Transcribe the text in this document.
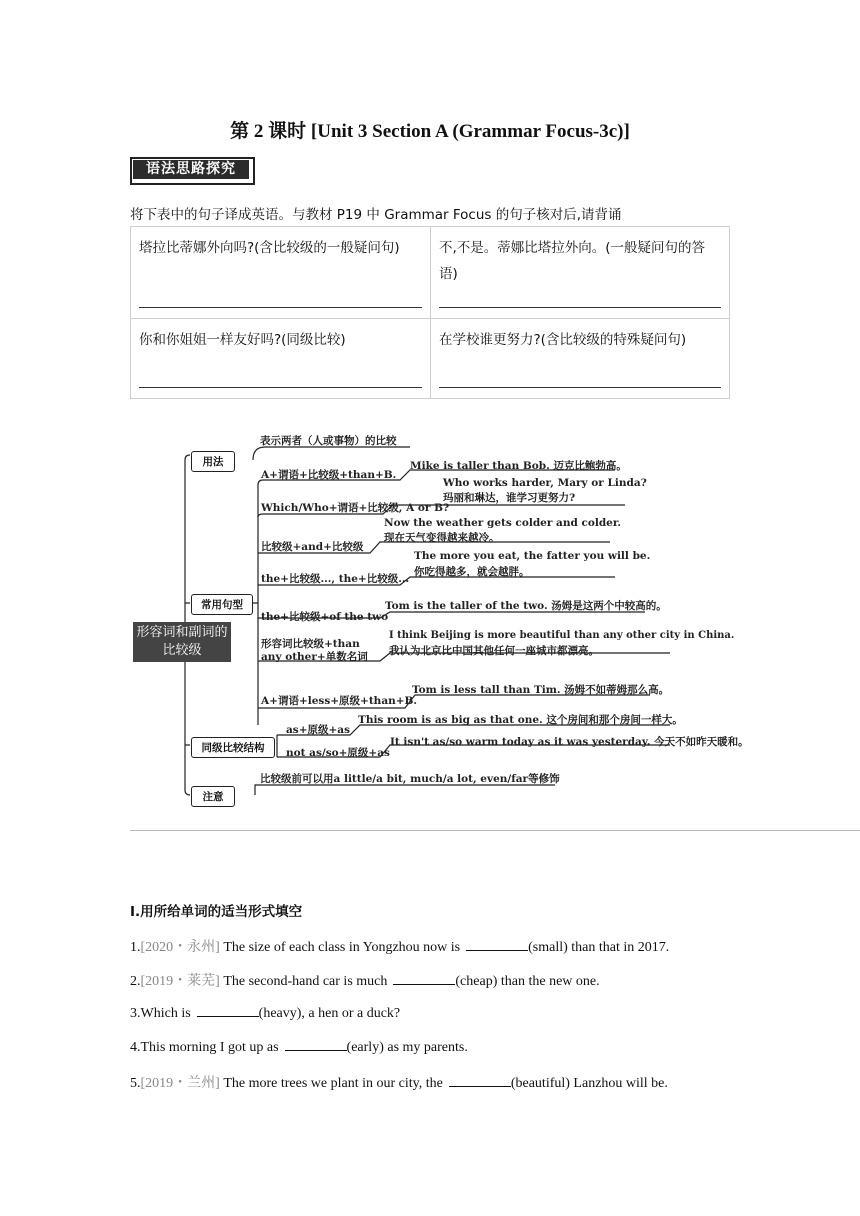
第 2 课时 [Unit 3 Section A (Grammar Focus-3c)]
语法思路探究
将下表中的句子译成英语。与教材 P19 中 Grammar Focus 的句子核对后,请背诵
塔拉比蒂娜外向吗?(含比较级的一般疑问句)	不,不是。蒂娜比塔拉外向。(一般疑问句的答语)

你和你姐姐一样友好吗?(同级比较)	在学校谁更努力?(含比较级的特殊疑问句)
形容词和副词的比较级
用法
常用句型
同级比较结构
注意
表示两者（人或事物）的比较
A+谓语+比较级+than+B.
Mike is taller than Bob. 迈克比鲍勃高。
Which/Who+谓语+比较级, A or B?
Who works harder, Mary or Linda?
玛丽和琳达，谁学习更努力?
比较级+and+比较级
Now the weather gets colder and colder.
现在天气变得越来越冷。
the+比较级..., the+比较级...
The more you eat, the fatter you will be.
你吃得越多，就会越胖。
the+比较级+of the two
Tom is the taller of the two. 汤姆是这两个中较高的。
形容词比较级+than
any other+单数名词
I think Beijing is more beautiful than any other city in China.
我认为北京比中国其他任何一座城市都漂亮。
A+谓语+less+原级+than+B.
Tom is less tall than Tim. 汤姆不如蒂姆那么高。
as+原级+as
This room is as big as that one. 这个房间和那个房间一样大。
not as/so+原级+as
It isn't as/so warm today as it was yesterday. 今天不如昨天暖和。
比较级前可以用a little/a bit, much/a lot, even/far等修饰
Ⅰ.用所给单词的适当形式填空
1.[2020・永州] The size of each class in Yongzhou now is	(small) than that in 2017.
2.[2019・莱芜] The second-hand car is much	(cheap) than the new one.
3.Which is	(heavy), a hen or a duck?
4.This morning I got up as	(early) as my parents.
5.[2019・兰州] The more trees we plant in our city, the	(beautiful) Lanzhou will be.
